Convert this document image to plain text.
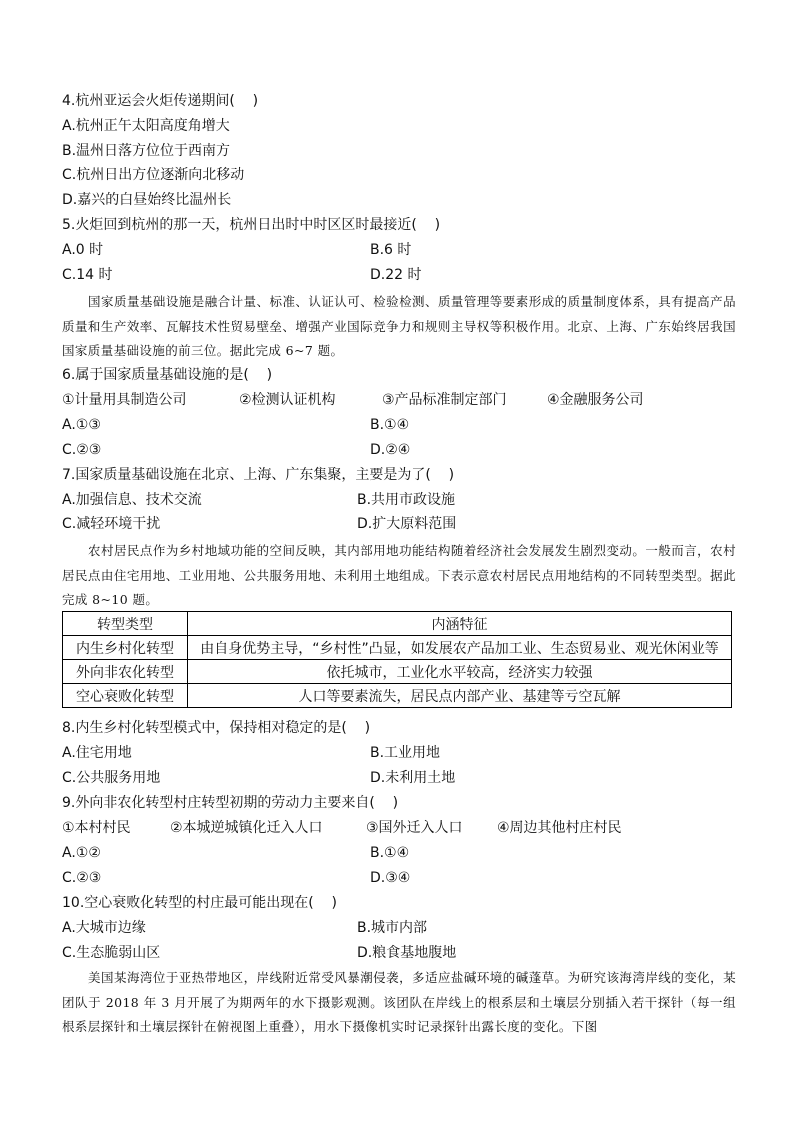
4.杭州亚运会火炬传递期间(    )
A.杭州正午太阳高度角增大
B.温州日落方位位于西南方
C.杭州日出方位逐渐向北移动
D.嘉兴的白昼始终比温州长
5.火炬回到杭州的那一天，杭州日出时中时区区时最接近(    )
A.0 时	B.6 时
C.14 时	D.22 时
国家质量基础设施是融合计量、标准、认证认可、检验检测、质量管理等要素形成的质量制度体系，具有提高产品质量和生产效率、瓦解技术性贸易壁垒、增强产业国际竞争力和规则主导权等积极作用。北京、上海、广东始终居我国国家质量基础设施的前三位。据此完成 6~7 题。
6.属于国家质量基础设施的是(    )
①计量用具制造公司	②检测认证机构	③产品标准制定部门	④金融服务公司
A.①③	B.①④
C.②③	D.②④
7.国家质量基础设施在北京、上海、广东集聚，主要是为了(    )
A.加强信息、技术交流	B.共用市政设施
C.减轻环境干扰	D.扩大原料范围
农村居民点作为乡村地域功能的空间反映，其内部用地功能结构随着经济社会发展发生剧烈变动。一般而言，农村居民点由住宅用地、工业用地、公共服务用地、未利用土地组成。下表示意农村居民点用地结构的不同转型类型。据此完成 8~10 题。
转型类型	内涵特征
内生乡村化转型	由自身优势主导，“乡村性”凸显，如发展农产品加工业、生态贸易业、观光休闲业等
外向非农化转型	依托城市，工业化水平较高，经济实力较强
空心衰败化转型	人口等要素流失，居民点内部产业、基建等亏空瓦解
8.内生乡村化转型模式中，保持相对稳定的是(    )
A.住宅用地	B.工业用地
C.公共服务用地	D.未利用土地
9.外向非农化转型村庄转型初期的劳动力主要来自(    )
①本村村民	②本城逆城镇化迁入人口	③国外迁入人口 ④周边其他村庄村民
A.①②	B.①④
C.②③	D.③④
10.空心衰败化转型的村庄最可能出现在(    )
A.大城市边缘	B.城市内部
C.生态脆弱山区	D.粮食基地腹地
美国某海湾位于亚热带地区，岸线附近常受风暴潮侵袭，多适应盐碱环境的碱蓬草。为研究该海湾岸线的变化，某团队于 2018 年 3 月开展了为期两年的水下摄影观测。该团队在岸线上的根系层和土壤层分别插入若干探针（每一组根系层探针和土壤层探针在俯视图上重叠），用水下摄像机实时记录探针出露长度的变化。下图
